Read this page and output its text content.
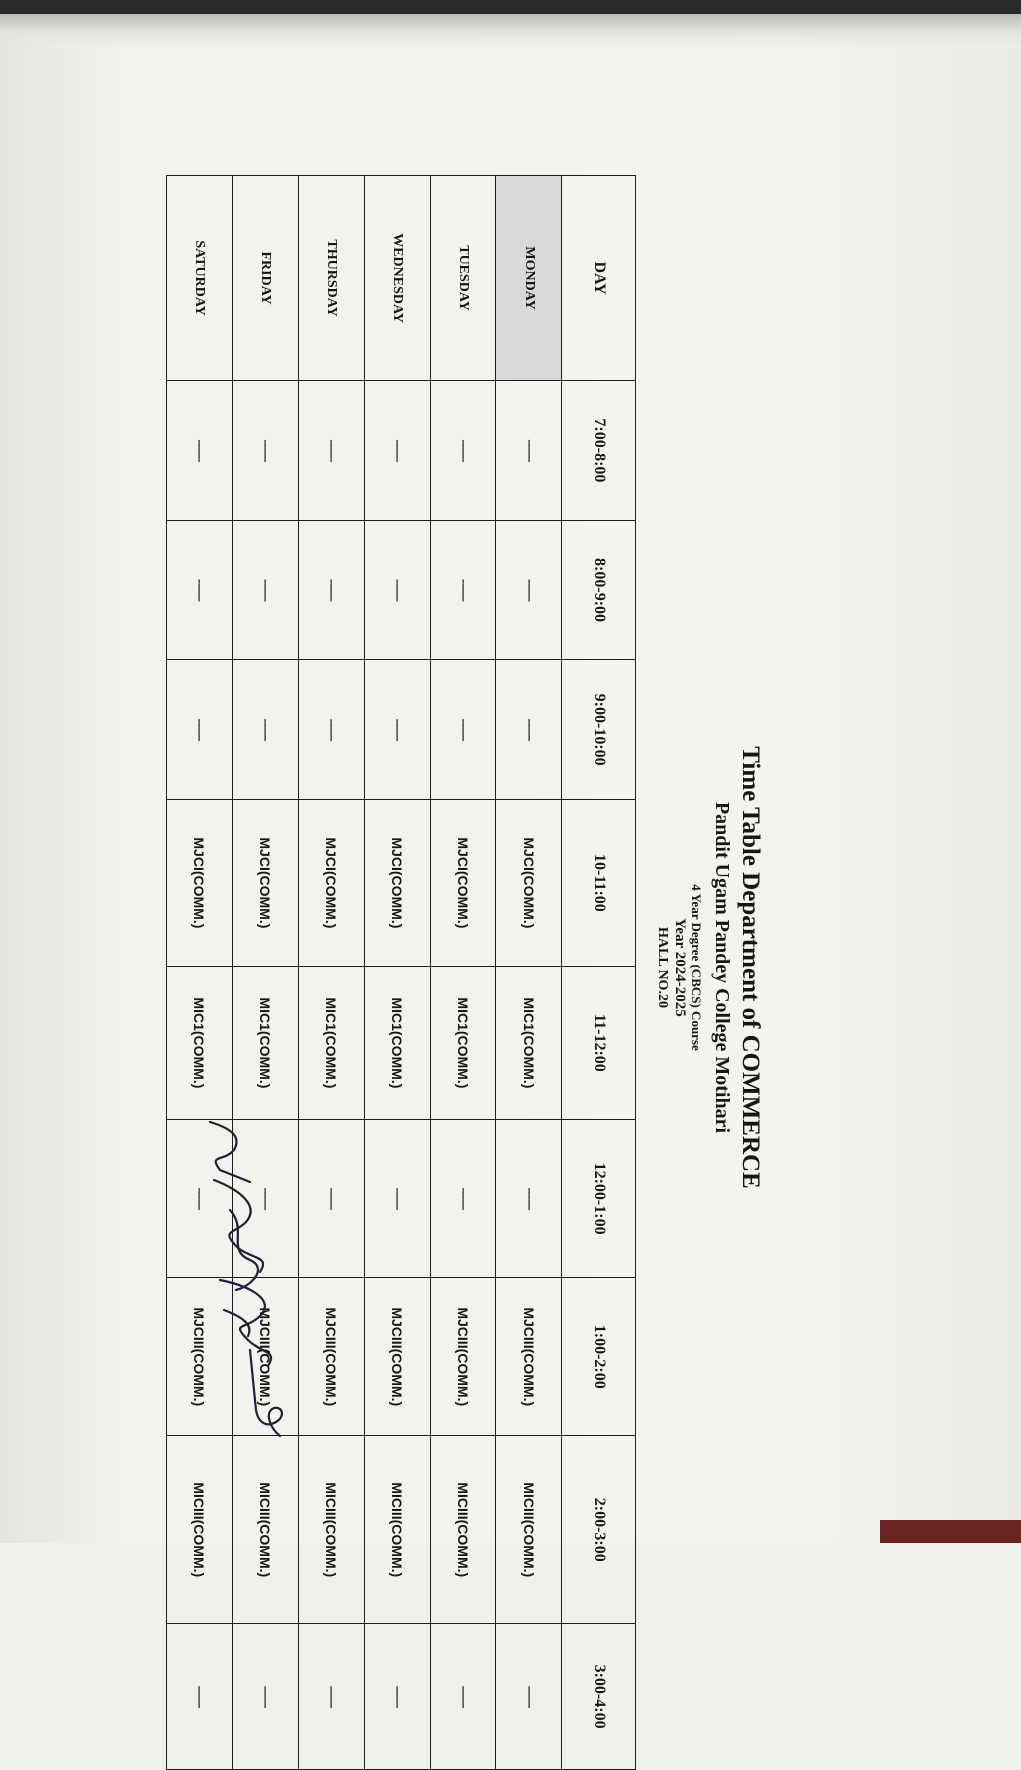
Time Table Department of COMMERCE
Pandit Ugam Pandey College Motihari
4 Year Degree (CBCS) Course
Year 2024-2025
HALL NO.20
DAY	7:00-8:00	8:00-9:00	9:00-10:00	10-11:00	11-12:00	12:00-1:00	1:00-2:00	2:00-3:00	3:00-4:00
MONDAY	------	------	------	MJCI(COMM.)	MIC1(COMM.)	------	MJCIII(COMM.)	MICIII(COMM.)	------
TUESDAY	------	------	------	MJCI(COMM.)	MIC1(COMM.)	------	MJCIII(COMM.)	MICIII(COMM.)	------
WEDNESDAY	------	------	------	MJCI(COMM.)	MIC1(COMM.)	------	MJCIII(COMM.)	MICIII(COMM.)	------
THURSDAY	------	------	------	MJCI(COMM.)	MIC1(COMM.)	------	MJCIII(COMM.)	MICIII(COMM.)	------
FRIDAY	------	------	------	MJCI(COMM.)	MIC1(COMM.)	------	MJCIII(COMM.)	MICIII(COMM.)	------
SATURDAY	------	------	------	MJCI(COMM.)	MIC1(COMM.)	------	MJCIII(COMM.)	MICIII(COMM.)	------
